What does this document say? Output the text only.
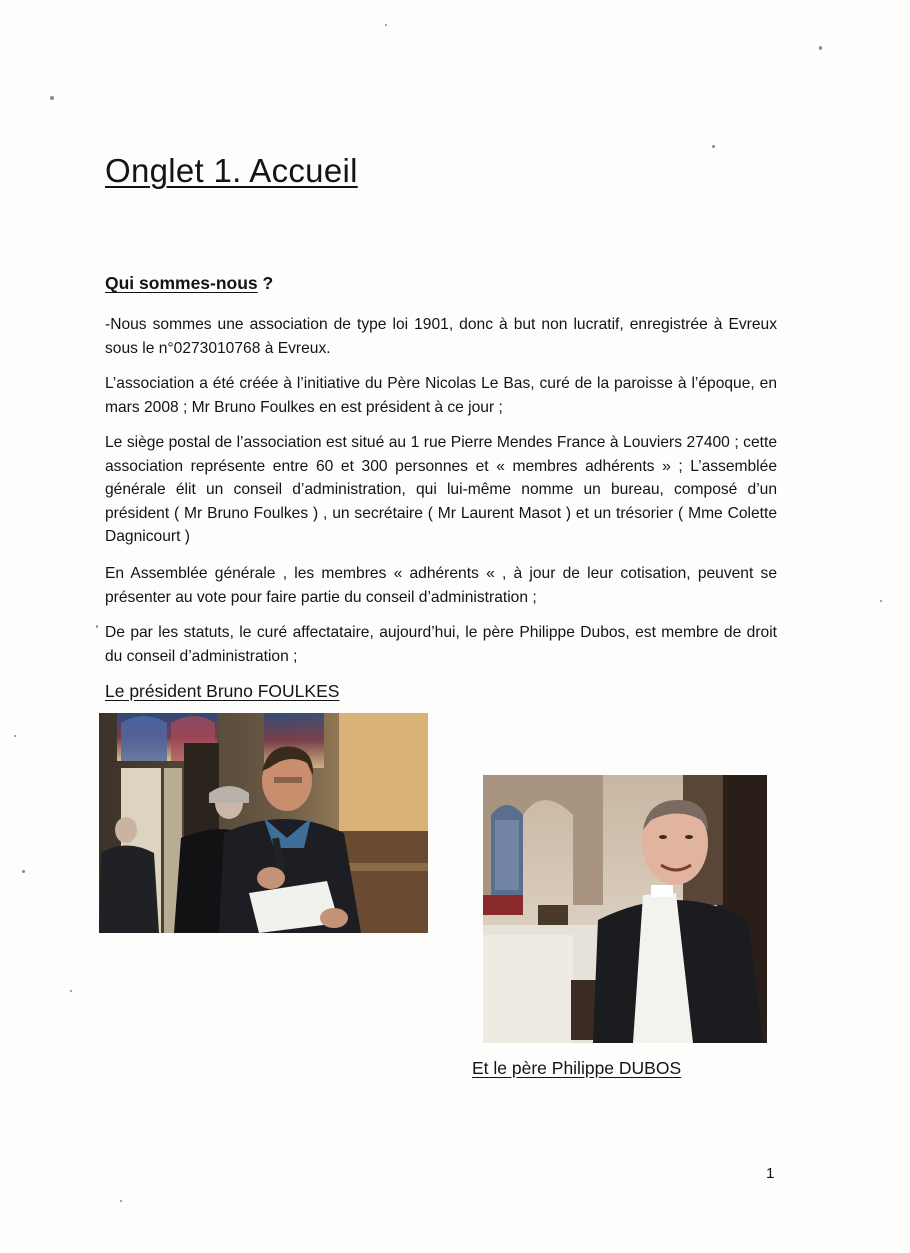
Onglet 1. Accueil
Qui sommes-nous ?
-Nous sommes une association de type loi 1901, donc à but non lucratif, enregistrée à Evreux sous le n°0273010768 à Evreux.
L’association a été créée à l’initiative du Père Nicolas Le Bas, curé de la paroisse à l’époque, en mars 2008 ; Mr Bruno Foulkes en est président à ce jour ;
Le siège postal de l’association est situé au 1 rue Pierre Mendes France à Louviers 27400 ; cette association représente entre 60 et 300 personnes et « membres adhérents » ; L’assemblée générale élit un conseil d’administration, qui lui-même nomme un bureau, composé d’un président ( Mr Bruno Foulkes ) , un secrétaire ( Mr Laurent Masot ) et un trésorier ( Mme Colette Dagnicourt )
En Assemblée générale , les membres « adhérents « , à jour de leur cotisation, peuvent se présenter au vote pour faire partie du conseil d’administration ;
De par les statuts, le curé affectataire, aujourd’hui, le père Philippe Dubos, est membre de droit du conseil d’administration ;
Le président Bruno FOULKES
Et le père Philippe DUBOS
1
